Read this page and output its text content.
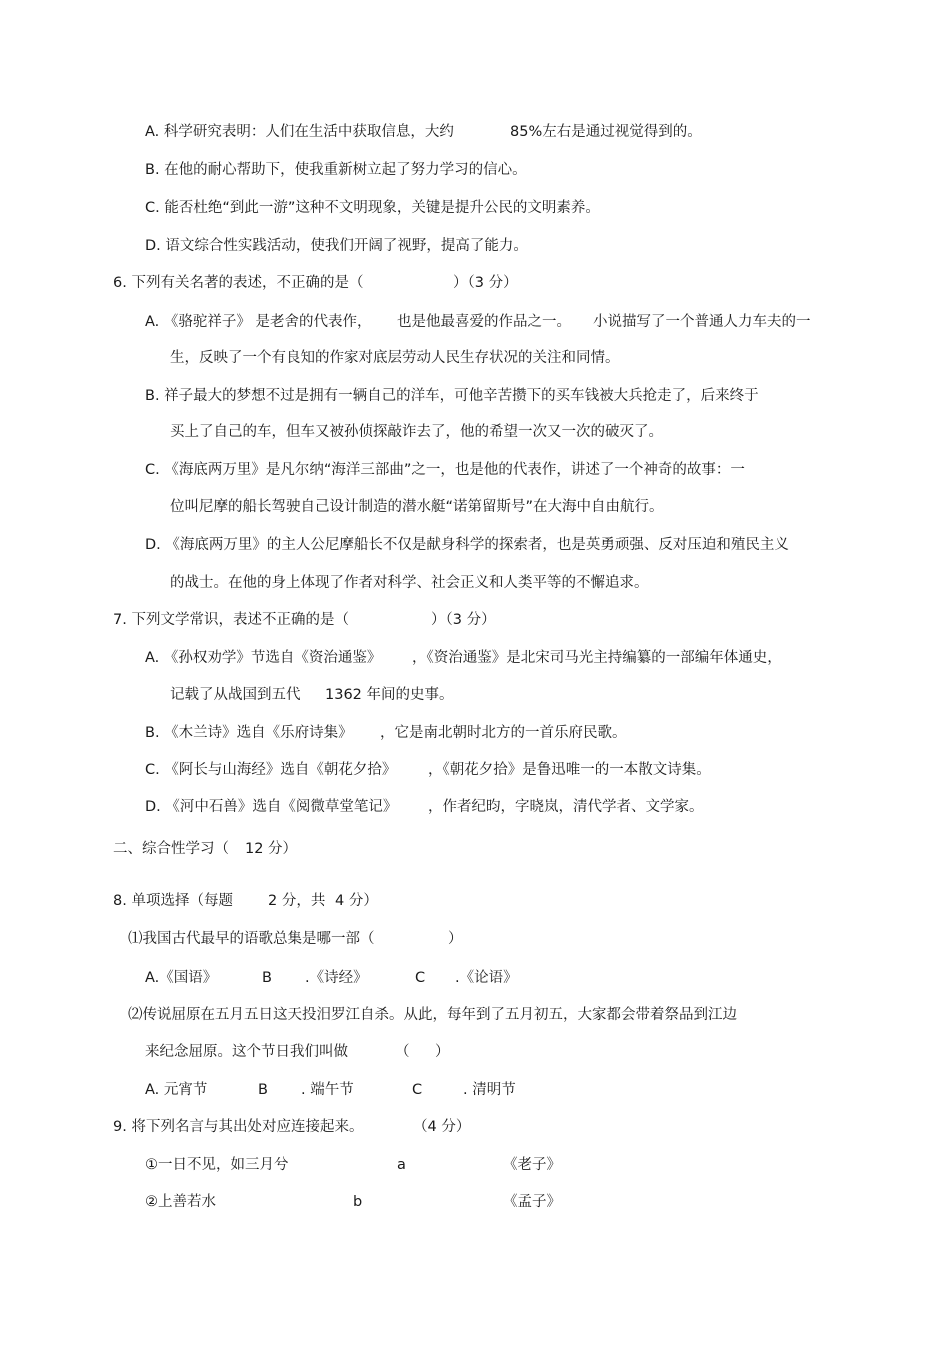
A. 科学研究表明：人们在生活中获取信息，大约	85%左右是通过视觉得到的。
B. 在他的耐心帮助下，使我重新树立起了努力学习的信心。
C. 能否杜绝“到此一游”这种不文明现象，关键是提升公民的文明素养。
D. 语文综合性实践活动，使我们开阔了视野，提高了能力。
6. 下列有关名著的表述，不正确的是（	）（3 分）
A. 《骆驼祥子》 是老舍的代表作， 也是他最喜爱的作品之一。 小说描写了一个普通人力车夫的一
生，反映了一个有良知的作家对底层劳动人民生存状况的关注和同情。
B. 祥子最大的梦想不过是拥有一辆自己的洋车，可他辛苦攒下的买车钱被大兵抢走了，后来终于
买上了自己的车，但车又被孙侦探敲诈去了，他的希望一次又一次的破灭了。
C. 《海底两万里》是凡尔纳“海洋三部曲”之一，也是他的代表作，讲述了一个神奇的故事：一
位叫尼摩的船长驾驶自己设计制造的潜水艇“诺第留斯号”在大海中自由航行。
D. 《海底两万里》的主人公尼摩船长不仅是献身科学的探索者，也是英勇顽强、反对压迫和殖民主义
的战士。在他的身上体现了作者对科学、社会正义和人类平等的不懈追求。
7. 下列文学常识，表述不正确的是（	）（3 分）
A. 《孙权劝学》节选自《资治通鉴》 ，《资治通鉴》是北宋司马光主持编纂的一部编年体通史，
记载了从战国到五代 1362 年间的史事。
B. 《木兰诗》选自《乐府诗集》 ，它是南北朝时北方的一首乐府民歌。
C. 《阿长与山海经》选自《朝花夕拾》 ，《朝花夕拾》是鲁迅唯一的一本散文诗集。
D. 《河中石兽》选自《阅微草堂笔记》 ，作者纪昀，字晓岚，清代学者、文学家。
二、综合性学习（ 12 分）
8. 单项选择（每题 2 分，共 4 分）
⑴我国古代最早的语歌总集是哪一部（	）
A.《国语》	B .《诗经》	C .《论语》
⑵传说屈原在五月五日这天投汨罗江自杀。从此，每年到了五月初五，大家都会带着祭品到江边
来纪念屈原。这个节日我们叫做	（ ）
A. 元宵节	B . 端午节	C	. 清明节
9. 将下列名言与其出处对应连接起来。	（4 分）
①一日不见，如三月兮	a	《老子》
②上善若水	b	《孟子》
